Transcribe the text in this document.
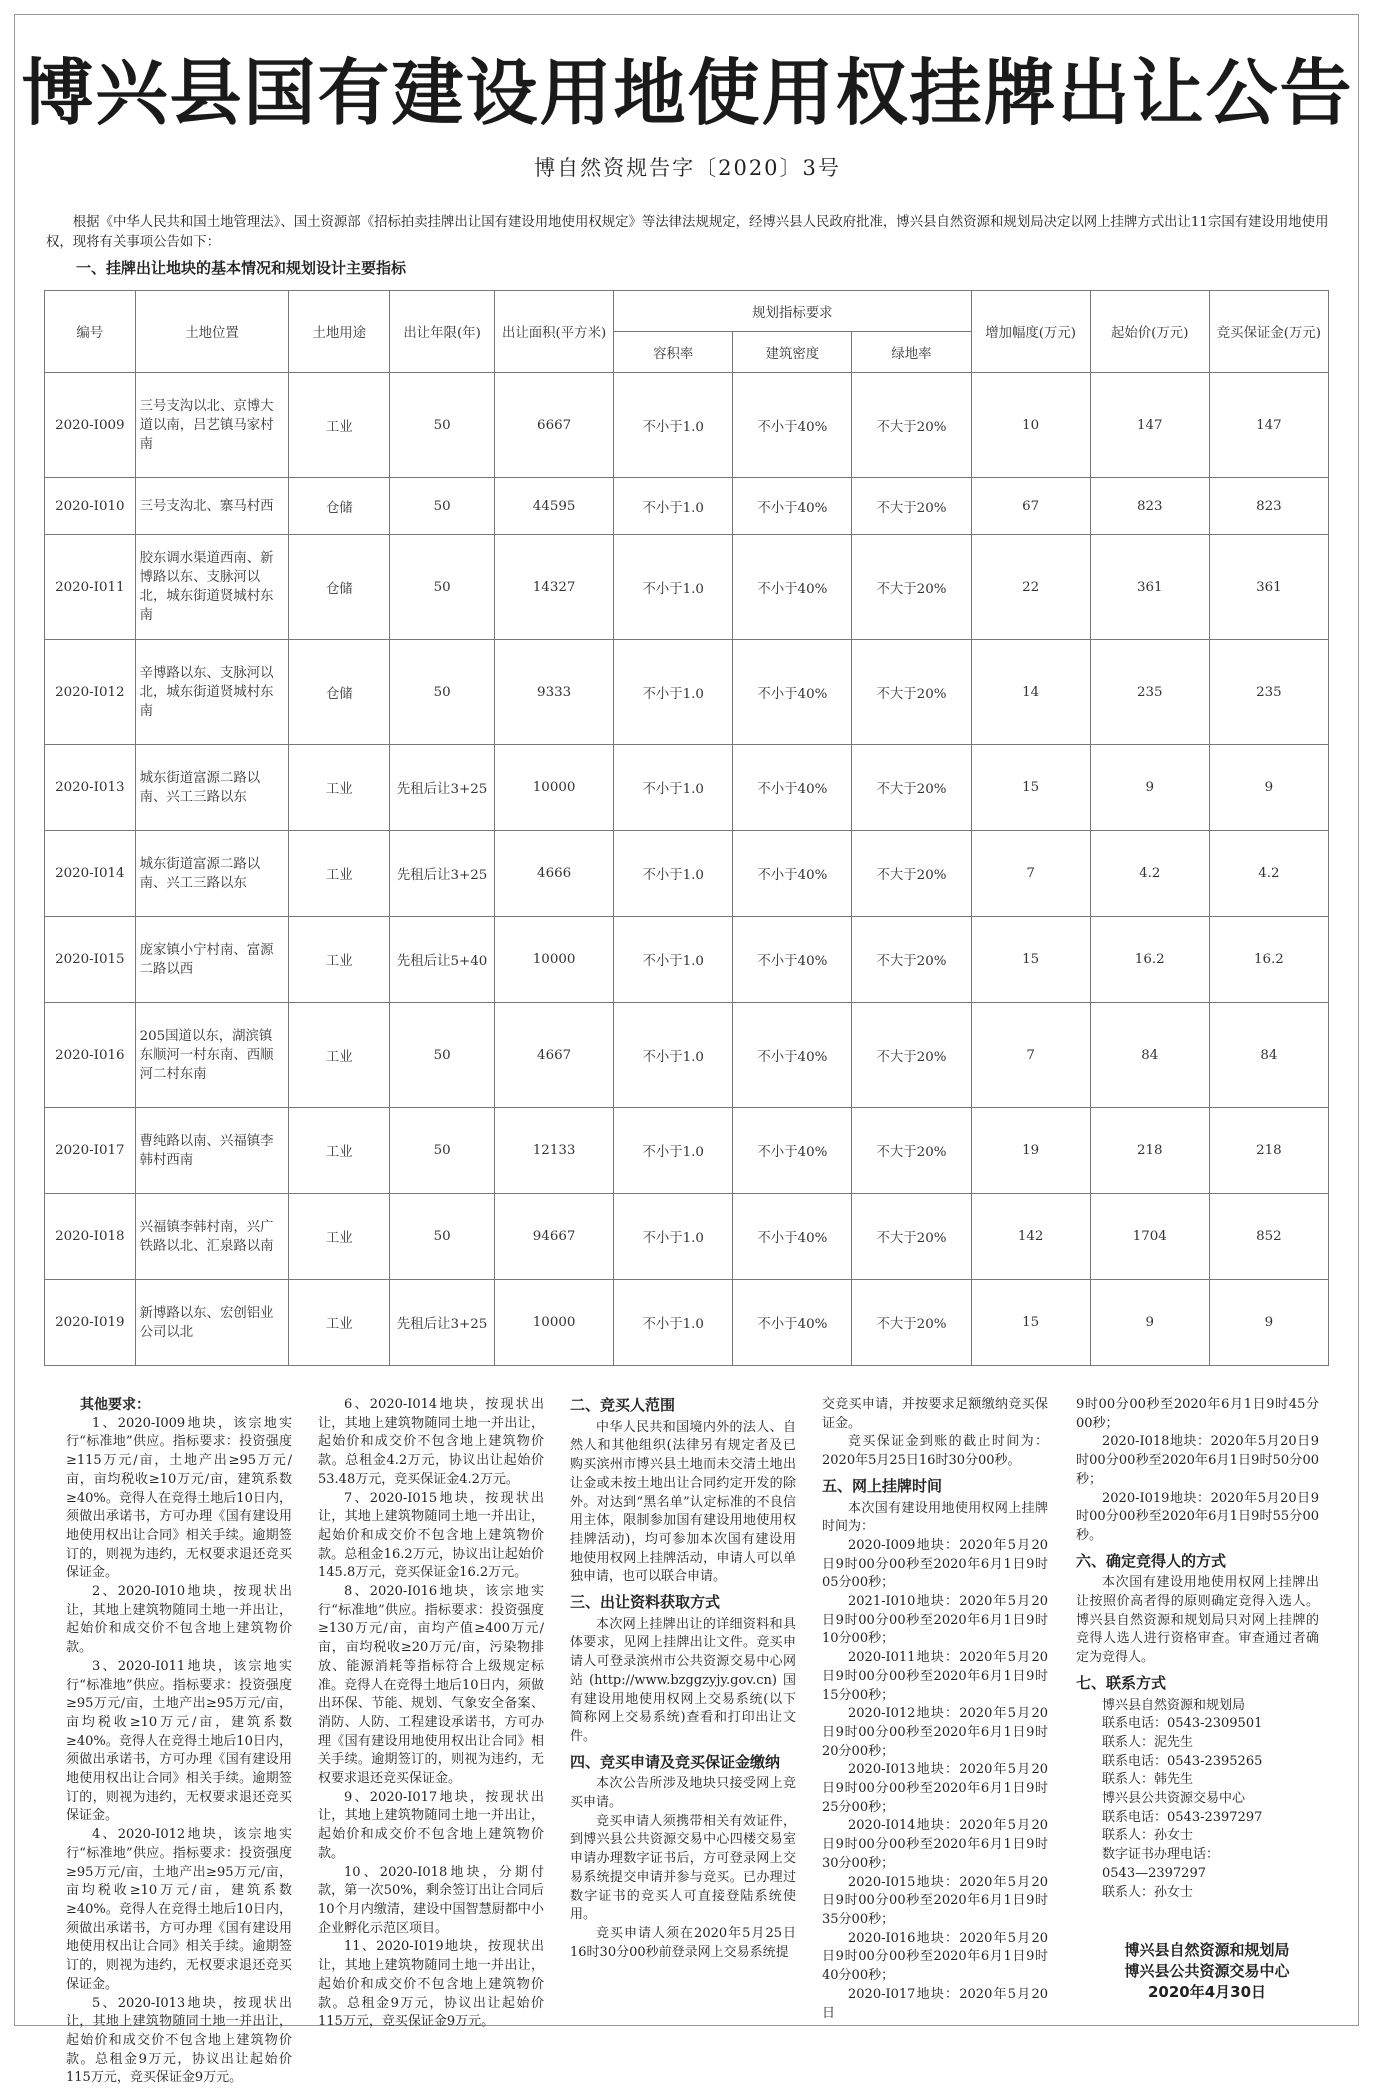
博兴县国有建设用地使用权挂牌出让公告
博自然资规告字〔2020〕3号
根据《中华人民共和国土地管理法》、国土资源部《招标拍卖挂牌出让国有建设用地使用权规定》等法律法规规定，经博兴县人民政府批准，博兴县自然资源和规划局决定以网上挂牌方式出让11宗国有建设用地使用权，现将有关事项公告如下：
一、挂牌出让地块的基本情况和规划设计主要指标
编号	土地位置	土地用途	出让年限(年)	出让面积(平方米)	规划指标要求			增加幅度(万元)	起始价(万元)	竞买保证金(万元)
					容积率	建筑密度	绿地率			
2020-I009	三号支沟以北、京博大道以南，吕艺镇马家村南	工业	50	6667	不小于1.0	不小于40%	不大于20%	10	147	147
2020-I010	三号支沟北、寨马村西	仓储	50	44595	不小于1.0	不小于40%	不大于20%	67	823	823
2020-I011	胶东调水渠道西南、新博路以东、支脉河以北，城东街道贤城村东南	仓储	50	14327	不小于1.0	不小于40%	不大于20%	22	361	361
2020-I012	辛博路以东、支脉河以北，城东街道贤城村东南	仓储	50	9333	不小于1.0	不小于40%	不大于20%	14	235	235
2020-I013	城东街道富源二路以南、兴工三路以东	工业	先租后让3+25	10000	不小于1.0	不小于40%	不大于20%	15	9	9
2020-I014	城东街道富源二路以南、兴工三路以东	工业	先租后让3+25	4666	不小于1.0	不小于40%	不大于20%	7	4.2	4.2
2020-I015	庞家镇小宁村南、富源二路以西	工业	先租后让5+40	10000	不小于1.0	不小于40%	不大于20%	15	16.2	16.2
2020-I016	205国道以东，湖滨镇东顺河一村东南、西顺河二村东南	工业	50	4667	不小于1.0	不小于40%	不大于20%	7	84	84
2020-I017	曹纯路以南、兴福镇李韩村西南	工业	50	12133	不小于1.0	不小于40%	不大于20%	19	218	218
2020-I018	兴福镇李韩村南，兴广铁路以北、汇泉路以南	工业	50	94667	不小于1.0	不小于40%	不大于20%	142	1704	852
2020-I019	新博路以东、宏创铝业公司以北	工业	先租后让3+25	10000	不小于1.0	不小于40%	不大于20%	15	9	9

其他要求：

1、2020-I009地块，该宗地实行“标准地”供应。指标要求：投资强度≥115万元/亩，土地产出≥95万元/亩，亩均税收≥10万元/亩，建筑系数≥40%。竞得人在竞得土地后10日内，须做出承诺书，方可办理《国有建设用地使用权出让合同》相关手续。逾期签订的，则视为违约，无权要求退还竞买保证金。

2、2020-I010地块，按现状出让，其地上建筑物随同土地一并出让，起始价和成交价不包含地上建筑物价款。

3、2020-I011地块，该宗地实行“标准地”供应。指标要求：投资强度≥95万元/亩，土地产出≥95万元/亩，亩均税收≥10万元/亩，建筑系数≥40%。竞得人在竞得土地后10日内，须做出承诺书，方可办理《国有建设用地使用权出让合同》相关手续。逾期签订的，则视为违约，无权要求退还竞买保证金。

4、2020-I012地块，该宗地实行“标准地”供应。指标要求：投资强度≥95万元/亩，土地产出≥95万元/亩，亩均税收≥10万元/亩，建筑系数≥40%。竞得人在竞得土地后10日内，须做出承诺书，方可办理《国有建设用地使用权出让合同》相关手续。逾期签订的，则视为违约，无权要求退还竞买保证金。

5、2020-I013地块，按现状出让，其地上建筑物随同土地一并出让，起始价和成交价不包含地上建筑物价款。总租金9万元，协议出让起始价115万元，竞买保证金9万元。

6、2020-I014地块，按现状出让，其地上建筑物随同土地一并出让，起始价和成交价不包含地上建筑物价款。总租金4.2万元，协议出让起始价53.48万元，竞买保证金4.2万元。

7、2020-I015地块，按现状出让，其地上建筑物随同土地一并出让，起始价和成交价不包含地上建筑物价款。总租金16.2万元，协议出让起始价145.8万元，竞买保证金16.2万元。

8、2020-I016地块，该宗地实行“标准地”供应。指标要求：投资强度≥130万元/亩，亩均产值≥400万元/亩，亩均税收≥20万元/亩，污染物排放、能源消耗等指标符合上级规定标准。竞得人在竞得土地后10日内，须做出环保、节能、规划、气象安全备案、消防、人防、工程建设承诺书，方可办理《国有建设用地使用权出让合同》相关手续。逾期签订的，则视为违约，无权要求退还竞买保证金。

9、2020-I017地块，按现状出让，其地上建筑物随同土地一并出让，起始价和成交价不包含地上建筑物价款。

10、2020-I018地块，分期付款，第一次50%，剩余签订出让合同后10个月内缴清，建设中国智慧厨都中小企业孵化示范区项目。

11、2020-I019地块，按现状出让，其地上建筑物随同土地一并出让，起始价和成交价不包含地上建筑物价款。总租金9万元，协议出让起始价115万元，竞买保证金9万元。

二、竞买人范围

中华人民共和国境内外的法人、自然人和其他组织(法律另有规定者及已购买滨州市博兴县土地而未交清土地出让金或未按土地出让合同约定开发的除外。对达到“黑名单”认定标准的不良信用主体，限制参加国有建设用地使用权挂牌活动)，均可参加本次国有建设用地使用权网上挂牌活动，申请人可以单独申请，也可以联合申请。

三、出让资料获取方式

本次网上挂牌出让的详细资料和具体要求，见网上挂牌出让文件。竞买申请人可登录滨州市公共资源交易中心网站(http://www.bzggzyjy.gov.cn)国有建设用地使用权网上交易系统(以下简称网上交易系统)查看和打印出让文件。

四、竞买申请及竞买保证金缴纳

本次公告所涉及地块只接受网上竞买申请。

竞买申请人须携带相关有效证件，到博兴县公共资源交易中心四楼交易室申请办理数字证书后，方可登录网上交易系统提交申请并参与竞买。已办理过数字证书的竞买人可直接登陆系统使用。

竞买申请人须在2020年5月25日16时30分00秒前登录网上交易系统提

交竞买申请，并按要求足额缴纳竞买保证金。

竞买保证金到账的截止时间为：2020年5月25日16时30分00秒。

五、网上挂牌时间

本次国有建设用地使用权网上挂牌时间为：

2020-I009地块：2020年5月20日9时00分00秒至2020年6月1日9时05分00秒；

2021-I010地块：2020年5月20日9时00分00秒至2020年6月1日9时10分00秒；

2020-I011地块：2020年5月20日9时00分00秒至2020年6月1日9时15分00秒；

2020-I012地块：2020年5月20日9时00分00秒至2020年6月1日9时20分00秒；

2020-I013地块：2020年5月20日9时00分00秒至2020年6月1日9时25分00秒；

2020-I014地块：2020年5月20日9时00分00秒至2020年6月1日9时30分00秒；

2020-I015地块：2020年5月20日9时00分00秒至2020年6月1日9时35分00秒；

2020-I016地块：2020年5月20日9时00分00秒至2020年6月1日9时40分00秒；

2020-I017地块：2020年5月20日

9时00分00秒至2020年6月1日9时45分00秒；

2020-I018地块：2020年5月20日9时00分00秒至2020年6月1日9时50分00秒；

2020-I019地块：2020年5月20日9时00分00秒至2020年6月1日9时55分00秒。

六、确定竞得人的方式

本次国有建设用地使用权网上挂牌出让按照价高者得的原则确定竞得入选人。博兴县自然资源和规划局只对网上挂牌的竞得人选人进行资格审查。审查通过者确定为竞得人。

七、联系方式

博兴县自然资源和规划局
联系电话：0543-2309501
联系人：泥先生
联系电话：0543-2395265
联系人：韩先生
博兴县公共资源交易中心
联系电话：0543-2397297
联系人：孙女士
数字证书办理电话：
0543—2397297
联系人：孙女士
博兴县自然资源和规划局
博兴县公共资源交易中心
2020年4月30日
